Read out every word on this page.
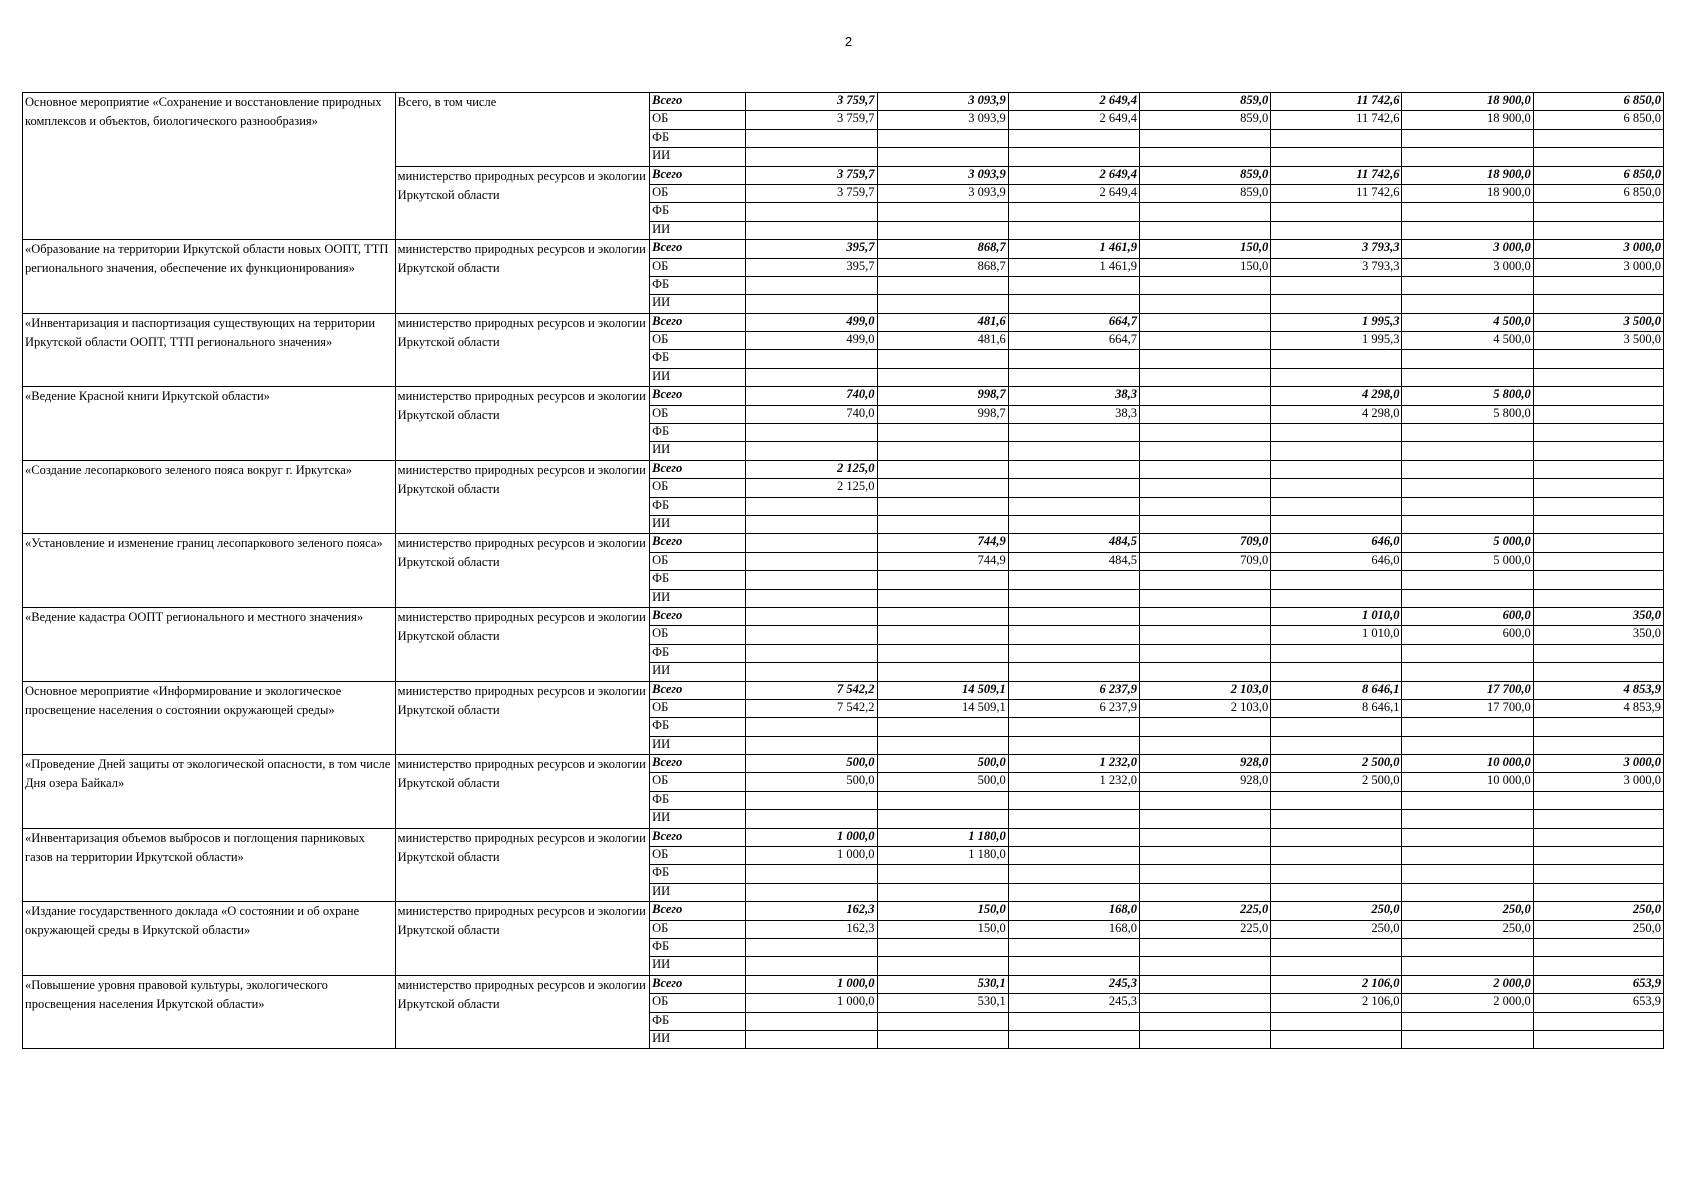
2
Основное мероприятие «Сохранение и восстановление природных комплексов и объектов, биологического разнообразия»	Всего, в том числе	Всего	3 759,7	3 093,9	2 649,4	859,0	11 742,6	18 900,0	6 850,0
		ОБ	3 759,7	3 093,9	2 649,4	859,0	11 742,6	18 900,0	6 850,0
		ФБ							
		ИИ							
	министерство природных ресурсов и экологии Иркутской области	Всего	3 759,7	3 093,9	2 649,4	859,0	11 742,6	18 900,0	6 850,0
		ОБ	3 759,7	3 093,9	2 649,4	859,0	11 742,6	18 900,0	6 850,0
		ФБ							
		ИИ							
«Образование на территории Иркутской области новых ООПТ, ТТП регионального значения, обеспечение их функционирования»	министерство природных ресурсов и экологии Иркутской области	Всего	395,7	868,7	1 461,9	150,0	3 793,3	3 000,0	3 000,0
		ОБ	395,7	868,7	1 461,9	150,0	3 793,3	3 000,0	3 000,0
		ФБ							
		ИИ							
«Инвентаризация и паспортизация существующих на территории Иркутской области ООПТ, ТТП регионального значения»	министерство природных ресурсов и экологии Иркутской области	Всего	499,0	481,6	664,7		1 995,3	4 500,0	3 500,0
		ОБ	499,0	481,6	664,7		1 995,3	4 500,0	3 500,0
		ФБ							
		ИИ							
«Ведение Красной книги Иркутской области»	министерство природных ресурсов и экологии Иркутской области	Всего	740,0	998,7	38,3		4 298,0	5 800,0	
		ОБ	740,0	998,7	38,3		4 298,0	5 800,0	
		ФБ							
		ИИ							
«Создание лесопаркового зеленого пояса вокруг г. Иркутска»	министерство природных ресурсов и экологии Иркутской области	Всего	2 125,0						
		ОБ	2 125,0						
		ФБ							
		ИИ							
«Установление и изменение границ лесопаркового зеленого пояса»	министерство природных ресурсов и экологии Иркутской области	Всего		744,9	484,5	709,0	646,0	5 000,0	
		ОБ		744,9	484,5	709,0	646,0	5 000,0	
		ФБ							
		ИИ							
«Ведение кадастра ООПТ регионального и местного значения»	министерство природных ресурсов и экологии Иркутской области	Всего					1 010,0	600,0	350,0
		ОБ					1 010,0	600,0	350,0
		ФБ							
		ИИ							
Основное мероприятие «Информирование и экологическое просвещение населения о состоянии окружающей среды»	министерство природных ресурсов и экологии Иркутской области	Всего	7 542,2	14 509,1	6 237,9	2 103,0	8 646,1	17 700,0	4 853,9
		ОБ	7 542,2	14 509,1	6 237,9	2 103,0	8 646,1	17 700,0	4 853,9
		ФБ							
		ИИ							
«Проведение Дней защиты от экологической опасности, в том числе Дня озера Байкал»	министерство природных ресурсов и экологии Иркутской области	Всего	500,0	500,0	1 232,0	928,0	2 500,0	10 000,0	3 000,0
		ОБ	500,0	500,0	1 232,0	928,0	2 500,0	10 000,0	3 000,0
		ФБ							
		ИИ							
«Инвентаризация объемов выбросов и поглощения парниковых газов на территории Иркутской области»	министерство природных ресурсов и экологии Иркутской области	Всего	1 000,0	1 180,0					
		ОБ	1 000,0	1 180,0					
		ФБ							
		ИИ							
«Издание государственного доклада «О состоянии и об охране окружающей среды в Иркутской области»	министерство природных ресурсов и экологии Иркутской области	Всего	162,3	150,0	168,0	225,0	250,0	250,0	250,0
		ОБ	162,3	150,0	168,0	225,0	250,0	250,0	250,0
		ФБ							
		ИИ							
«Повышение уровня правовой культуры, экологического просвещения населения Иркутской области»	министерство природных ресурсов и экологии Иркутской области	Всего	1 000,0	530,1	245,3		2 106,0	2 000,0	653,9
		ОБ	1 000,0	530,1	245,3		2 106,0	2 000,0	653,9
		ФБ							
		ИИ							
